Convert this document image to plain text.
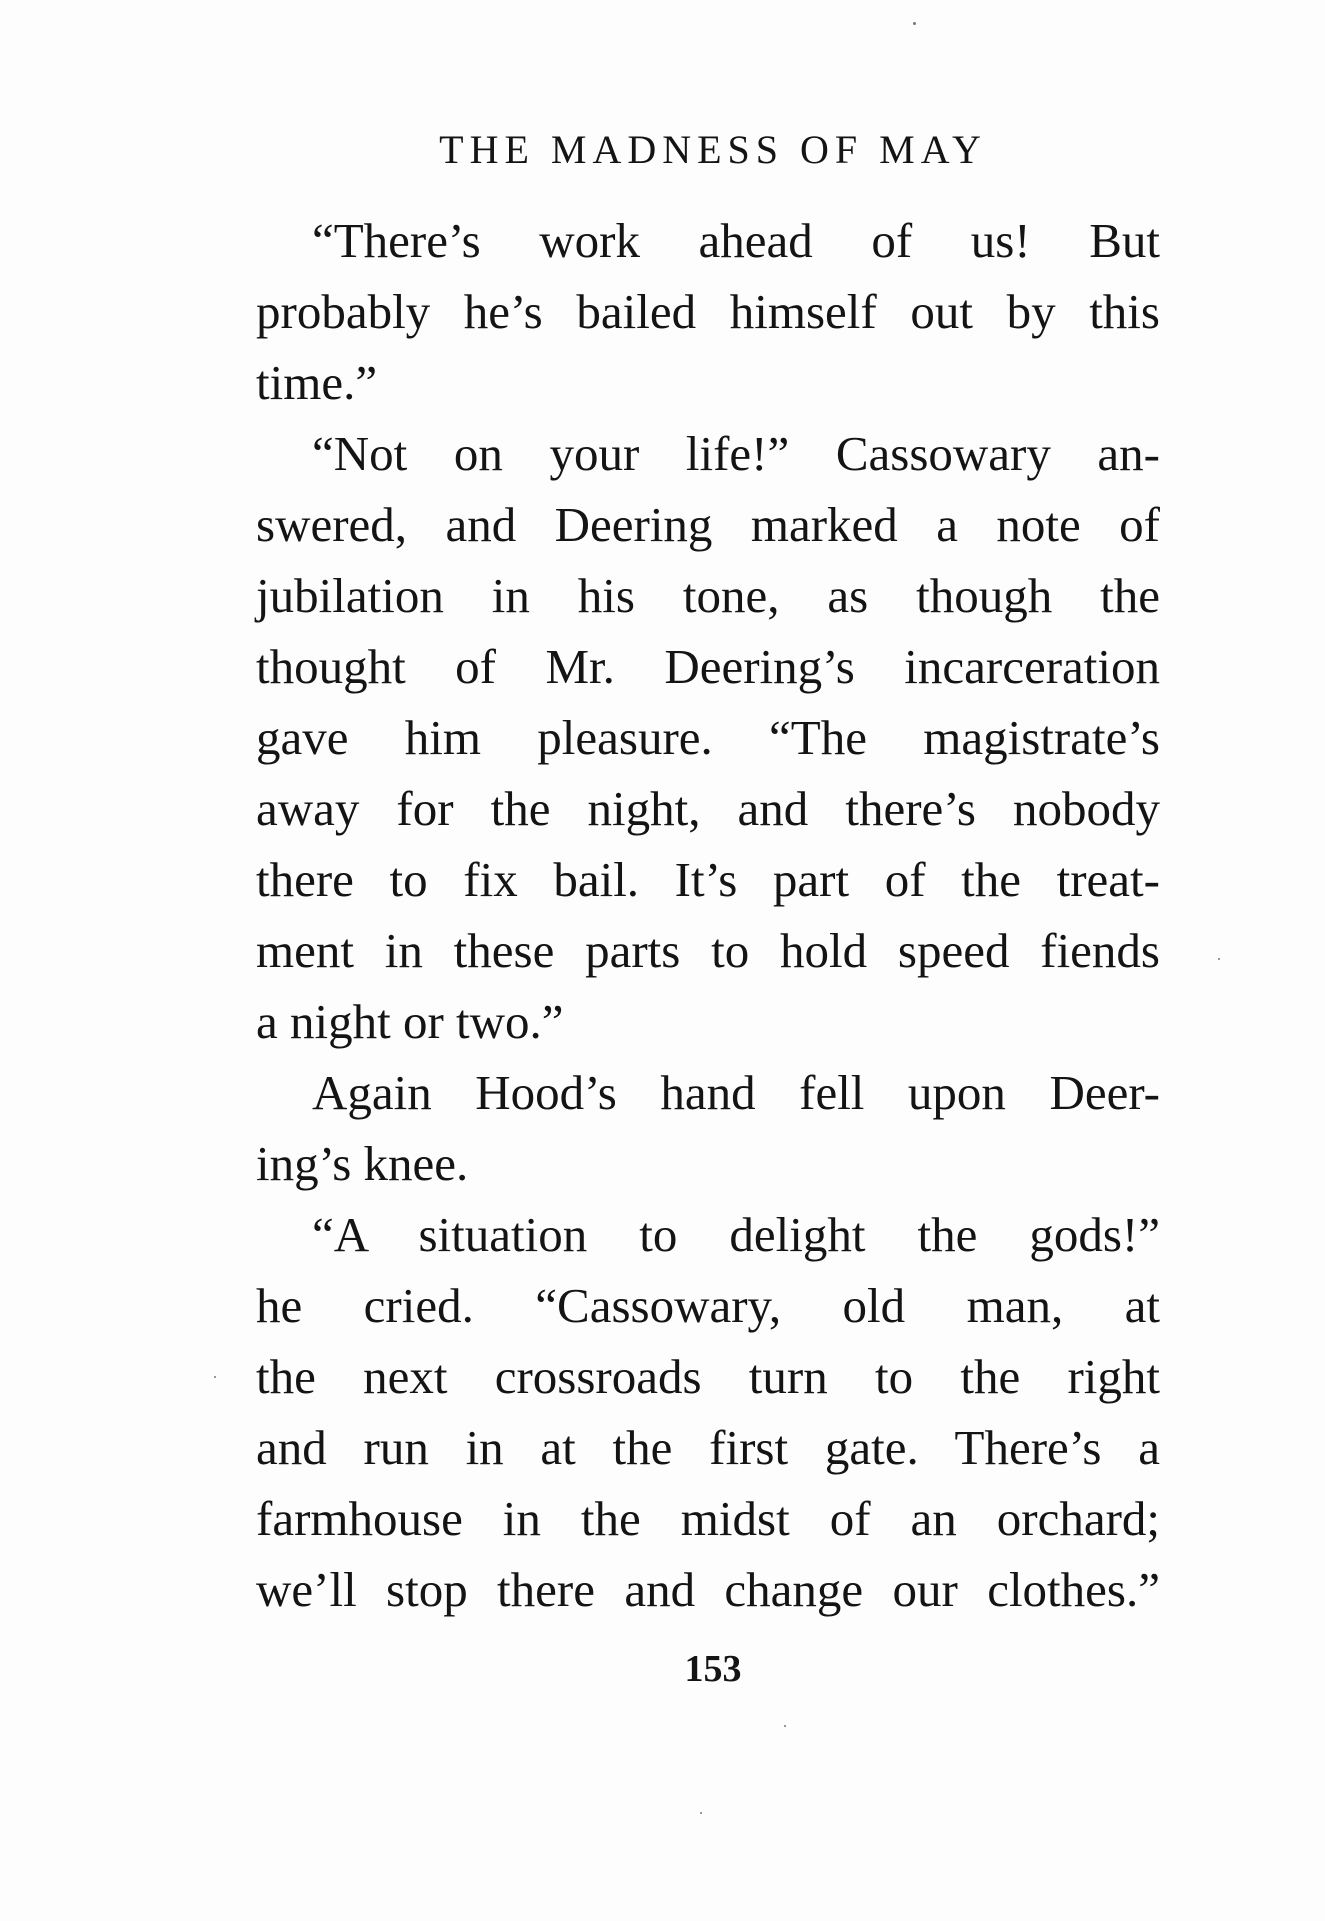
THE MADNESS OF MAY
“There’s work ahead of us! But
probably he’s bailed himself out by this
time.”
“Not on your life!” Cassowary an-
swered, and Deering marked a note of
jubilation in his tone, as though the
thought of Mr. Deering’s incarceration
gave him pleasure. “The magistrate’s
away for the night, and there’s nobody
there to fix bail. It’s part of the treat-
ment in these parts to hold speed fiends
a night or two.”
Again Hood’s hand fell upon Deer-
ing’s knee.
“A situation to delight the gods!”
he cried. “Cassowary, old man, at
the next crossroads turn to the right
and run in at the first gate. There’s a
farmhouse in the midst of an orchard;
we’ll stop there and change our clothes.”
153
